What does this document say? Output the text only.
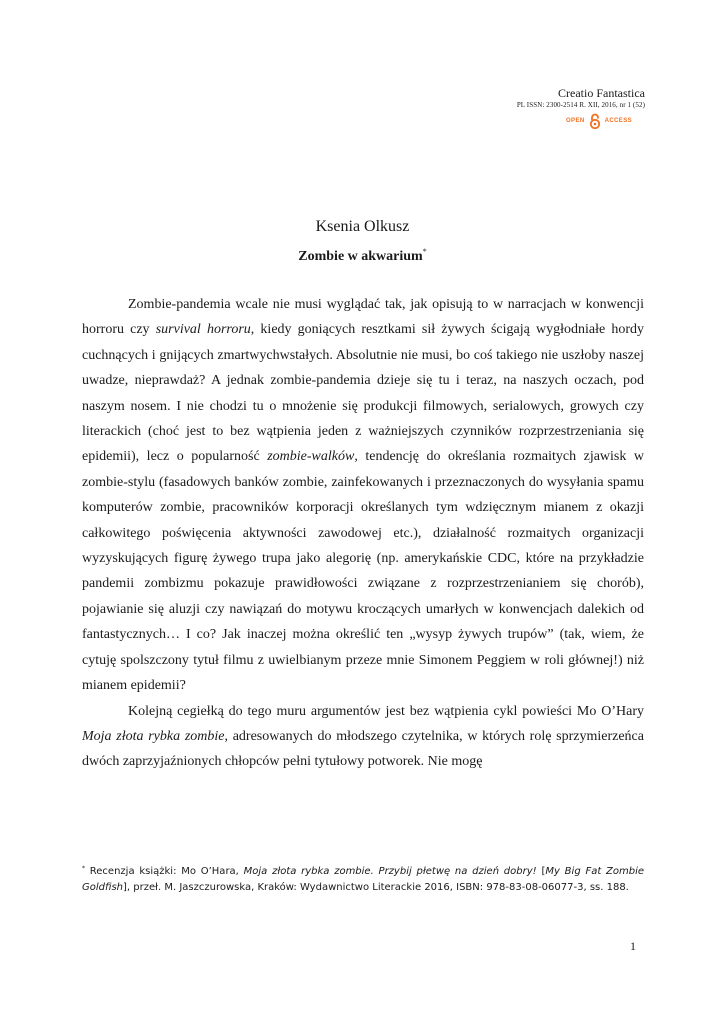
Creatio Fantastica
PL ISSN: 2300-2514 R. XII, 2016, nr 1 (52)
OPEN	ACCESS
Ksenia Olkusz
Zombie w akwarium*

Zombie-pandemia wcale nie musi wyglądać tak, jak opisują to w narracjach w konwencji horroru czy survival horroru, kiedy goniących resztkami sił żywych ścigają wygłodniałe hordy cuchnących i gnijących zmartwychwstałych. Absolutnie nie musi, bo coś takiego nie uszłoby naszej uwadze, nieprawdaż? A jednak zombie-pandemia dzieje się tu i teraz, na naszych oczach, pod naszym nosem. I nie chodzi tu o mnożenie się produkcji filmowych, serialowych, growych czy literackich (choć jest to bez wątpienia jeden z ważniejszych czynników rozprzestrzeniania się epidemii), lecz o popularność zombie-walków, tendencję do określania rozmaitych zjawisk w zombie-stylu (fasadowych banków zombie, zainfekowanych i przeznaczonych do wysyłania spamu komputerów zombie, pracowników korporacji określanych tym wdzięcznym mianem z okazji całkowitego poświęcenia aktywności zawodowej etc.), działalność rozmaitych organizacji wyzyskujących figurę żywego trupa jako alegorię (np. amerykańskie CDC, które na przykładzie pandemii zombizmu pokazuje prawidłowości związane z rozprzestrzenianiem się chorób), pojawianie się aluzji czy nawiązań do motywu kroczących umarłych w konwencjach dalekich od fantastycznych… I co? Jak inaczej można określić ten „wysyp żywych trupów” (tak, wiem, że cytuję spolszczony tytuł filmu z uwielbianym przeze mnie Simonem Peggiem w roli głównej!) niż mianem epidemii?

Kolejną cegiełką do tego muru argumentów jest bez wątpienia cykl powieści Mo O’Hary Moja złota rybka zombie, adresowanych do młodszego czytelnika, w których rolę sprzymierzeńca dwóch zaprzyjaźnionych chłopców pełni tytułowy potworek. Nie mogę

* Recenzja książki: Mo O’Hara, Moja złota rybka zombie. Przybij płetwę na dzień dobry! [My Big Fat Zombie Goldfish], przeł. M. Jaszczurowska, Kraków: Wydawnictwo Literackie 2016, ISBN: 978-83-08-06077-3, ss. 188.
1
